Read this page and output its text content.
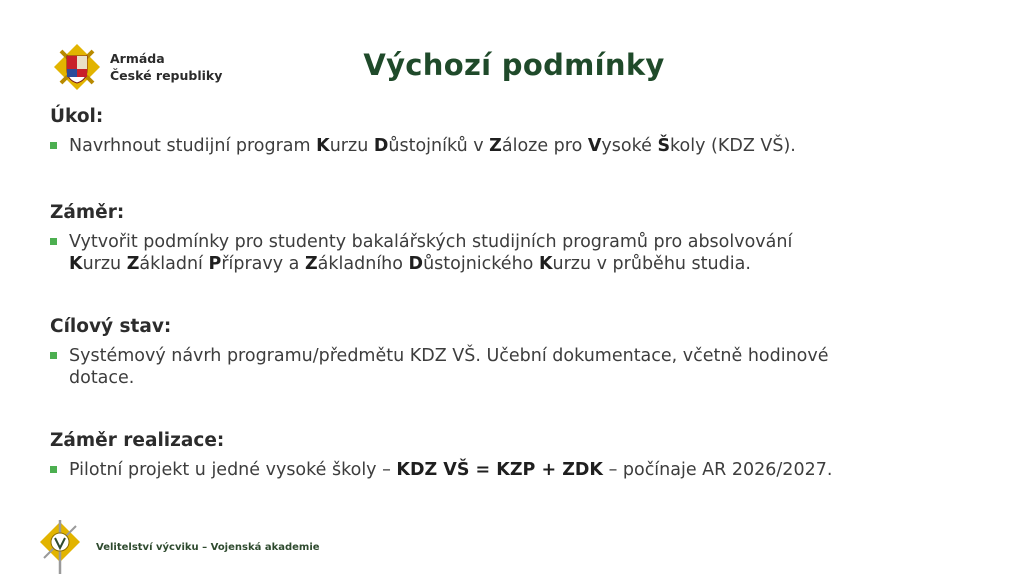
Armáda
České republiky	Výchozí podmínky
Úkol:
Navrhnout studijní program Kurzu Důstojníků v Záloze pro Vysoké Školy (KDZ VŠ).
Záměr:
Vytvořit podmínky pro studenty bakalářských studijních programů pro absolvování
Kurzu Základní Přípravy a Základního Důstojnického Kurzu v průběhu studia.
Cílový stav:
Systémový návrh programu/předmětu KDZ VŠ. Učební dokumentace, včetně hodinové
dotace.
Záměr realizace:
Pilotní projekt u jedné vysoké školy – KDZ VŠ = KZP + ZDK – počínaje AR 2026/2027.
Velitelství výcviku – Vojenská akademie
